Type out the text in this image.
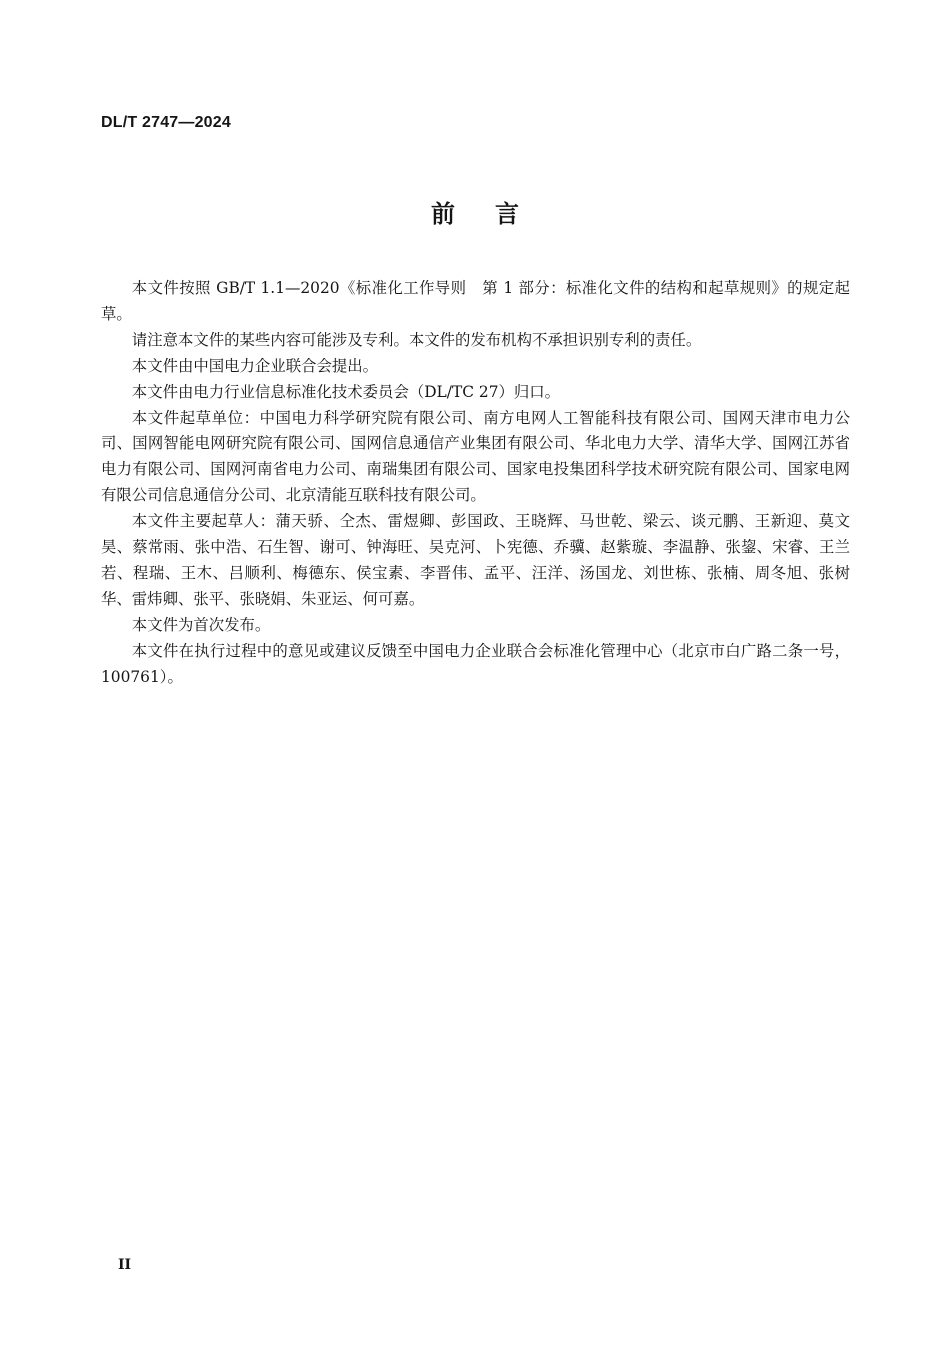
DL/T 2747—2024
前言

本文件按照 GB/T 1.1—2020《标准化工作导则　第 1 部分：标准化文件的结构和起草规则》的规定起草。

请注意本文件的某些内容可能涉及专利。本文件的发布机构不承担识别专利的责任。

本文件由中国电力企业联合会提出。

本文件由电力行业信息标准化技术委员会（DL/TC 27）归口。

本文件起草单位：中国电力科学研究院有限公司、南方电网人工智能科技有限公司、国网天津市电力公司、国网智能电网研究院有限公司、国网信息通信产业集团有限公司、华北电力大学、清华大学、国网江苏省电力有限公司、国网河南省电力公司、南瑞集团有限公司、国家电投集团科学技术研究院有限公司、国家电网有限公司信息通信分公司、北京清能互联科技有限公司。

本文件主要起草人：蒲天骄、仝杰、雷煜卿、彭国政、王晓辉、马世乾、梁云、谈元鹏、王新迎、莫文昊、蔡常雨、张中浩、石生智、谢可、钟海旺、吴克河、卜宪德、乔骥、赵紫璇、李温静、张鋆、宋睿、王兰若、程瑞、王木、吕顺利、梅德东、侯宝素、李晋伟、孟平、汪洋、汤国龙、刘世栋、张楠、周冬旭、张树华、雷炜卿、张平、张晓娟、朱亚运、何可嘉。

本文件为首次发布。

本文件在执行过程中的意见或建议反馈至中国电力企业联合会标准化管理中心（北京市白广路二条一号，100761）。

II
